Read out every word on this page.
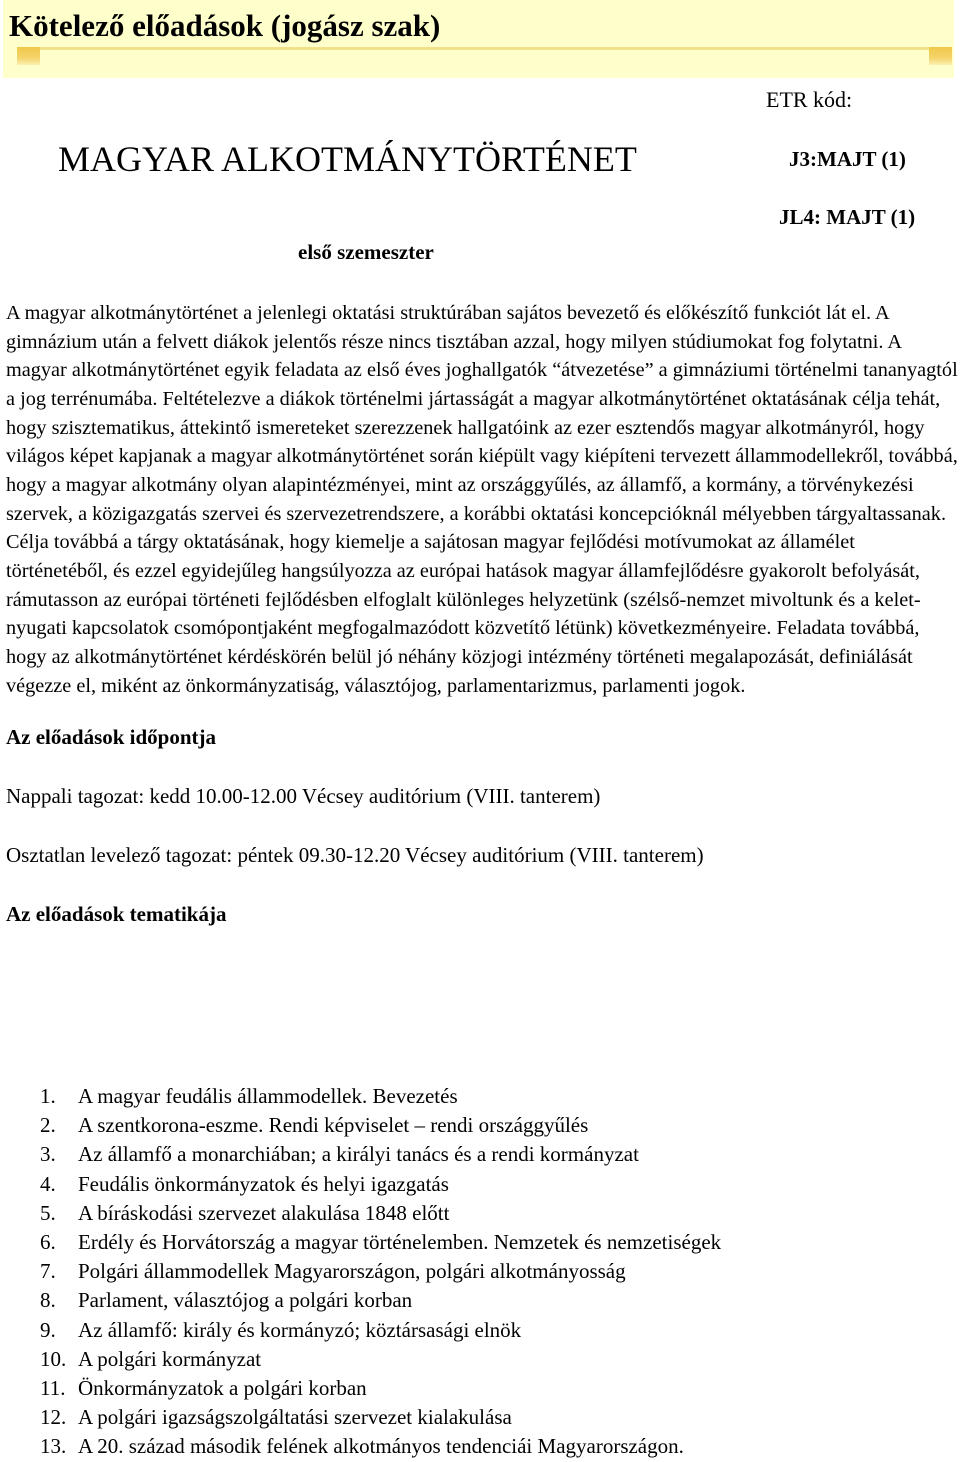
Kötelező előadások (jogász szak)

ETR kód:

MAGYAR ALKOTMÁNYTÖRTÉNET	J3:MAJT (1)

JL4: MAJT (1)

első szemeszter

A magyar alkotmánytörténet a jelenlegi oktatási struktúrában sajátos bevezető és előkészítő funkciót lát el. A gimnázium után a felvett diákok jelentős része nincs tisztában azzal, hogy milyen stúdiumokat fog folytatni. A magyar alkotmánytörténet egyik feladata az első éves joghallgatók “átvezetése” a gimnáziumi történelmi tananyagtól a jog terrénumába. Feltételezve a diákok történelmi jártasságát a magyar alkotmánytörténet oktatásának célja tehát, hogy szisztematikus, áttekintő ismereteket szerezzenek hallgatóink az ezer esztendős magyar alkotmányról, hogy világos képet kapjanak a magyar alkotmánytörténet során kiépült vagy kiépíteni tervezett állammodellekről, továbbá, hogy a magyar alkotmány olyan alapintézményei, mint az országgyűlés, az államfő, a kormány, a törvénykezési szervek, a közigazgatás szervei és szervezetrendszere, a korábbi oktatási koncepcióknál mélyebben tárgyaltassanak. Célja továbbá a tárgy oktatásának, hogy kiemelje a sajátosan magyar fejlődési motívumokat az államélet történetéből, és ezzel egyidejűleg hangsúlyozza az európai hatások magyar államfejlődésre gyakorolt befolyását, rámutasson az európai történeti fejlődésben elfoglalt különleges helyzetünk (szélső-nemzet mivoltunk és a kelet-nyugati kapcsolatok csomópontjaként megfogalmazódott közvetítő létünk) következményeire. Feladata továbbá, hogy az alkotmánytörténet kérdéskörén belül jó néhány közjogi intézmény történeti megalapozását, definiálását végezze el, miként az önkormányzatiság, választójog, parlamentarizmus, parlamenti jogok.

Az előadások időpontja

Nappali tagozat: kedd 10.00-12.00 Vécsey auditórium (VIII. tanterem)

Osztatlan levelező tagozat: péntek 09.30-12.20 Vécsey auditórium (VIII. tanterem)

Az előadások tematikája

1. A magyar feudális állammodellek. Bevezetés
2. A szentkorona-eszme. Rendi képviselet – rendi országgyűlés
3. Az államfő a monarchiában; a királyi tanács és a rendi kormányzat
4. Feudális önkormányzatok és helyi igazgatás
5. A bíráskodási szervezet alakulása 1848 előtt
6. Erdély és Horvátország a magyar történelemben. Nemzetek és nemzetiségek
7. Polgári állammodellek Magyarországon, polgári alkotmányosság
8. Parlament, választójog a polgári korban
9. Az államfő: király és kormányzó; köztársasági elnök
10. A polgári kormányzat
11. Önkormányzatok a polgári korban
12. A polgári igazságszolgáltatási szervezet kialakulása
13. A 20. század második felének alkotmányos tendenciái Magyarországon.
